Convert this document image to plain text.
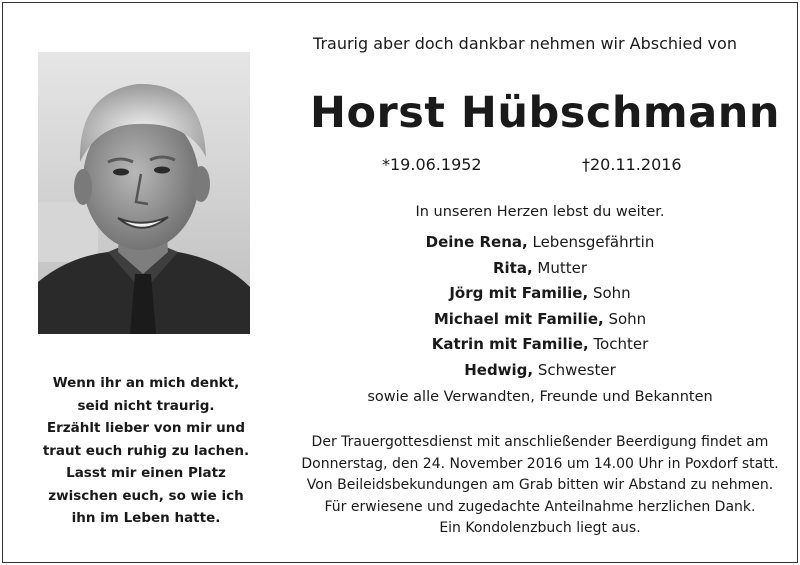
Wenn ihr an mich denkt,
seid nicht traurig.
Erzählt lieber von mir und
traut euch ruhig zu lachen.
Lasst mir einen Platz
zwischen euch, so wie ich
ihn im Leben hatte.
Traurig aber doch dankbar nehmen wir Abschied von
Horst Hübschmann
*19.06.1952	†20.11.2016
In unseren Herzen lebst du weiter.
Deine Rena, Lebensgefährtin
Rita, Mutter
Jörg mit Familie, Sohn
Michael mit Familie, Sohn
Katrin mit Familie, Tochter
Hedwig, Schwester
sowie alle Verwandten, Freunde und Bekannten
Der Trauergottesdienst mit anschließender Beerdigung findet am
Donnerstag, den 24. November 2016 um 14.00 Uhr in Poxdorf statt.
Von Beileidsbekundungen am Grab bitten wir Abstand zu nehmen.
Für erwiesene und zugedachte Anteilnahme herzlichen Dank.
Ein Kondolenzbuch liegt aus.
